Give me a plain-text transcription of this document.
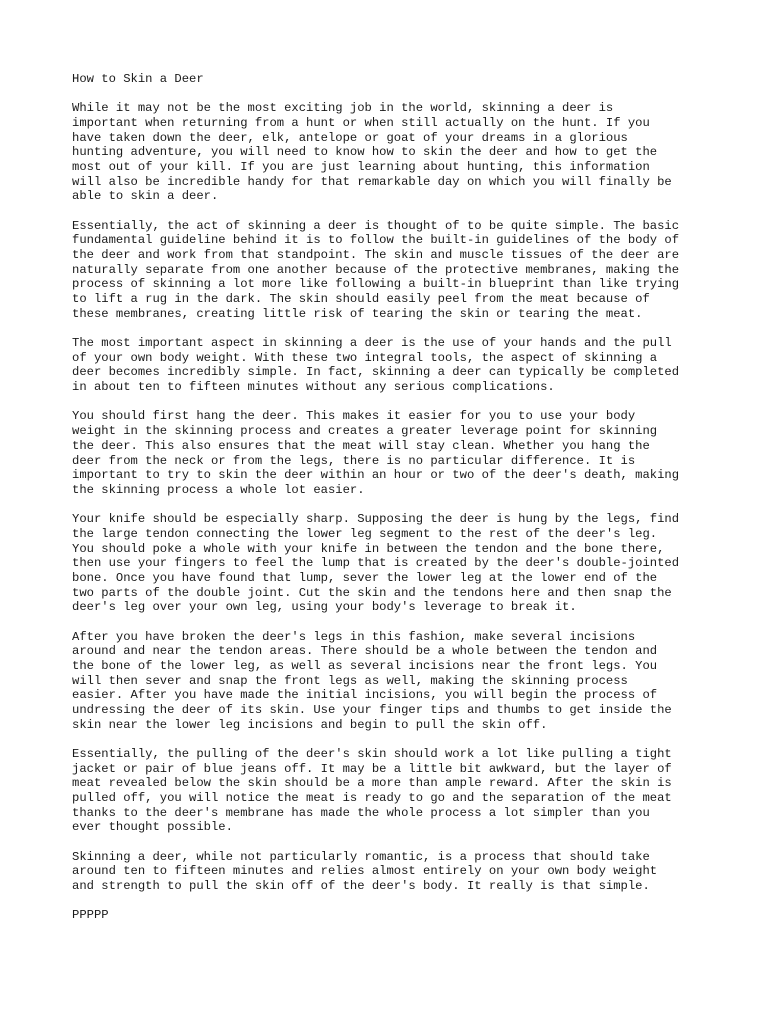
How to Skin a Deer
While it may not be the most exciting job in the world, skinning a deer is
important when returning from a hunt or when still actually on the hunt. If you
have taken down the deer, elk, antelope or goat of your dreams in a glorious
hunting adventure, you will need to know how to skin the deer and how to get the
most out of your kill. If you are just learning about hunting, this information
will also be incredible handy for that remarkable day on which you will finally be
able to skin a deer.
Essentially, the act of skinning a deer is thought of to be quite simple. The basic
fundamental guideline behind it is to follow the built-in guidelines of the body of
the deer and work from that standpoint. The skin and muscle tissues of the deer are
naturally separate from one another because of the protective membranes, making the
process of skinning a lot more like following a built-in blueprint than like trying
to lift a rug in the dark. The skin should easily peel from the meat because of
these membranes, creating little risk of tearing the skin or tearing the meat.
The most important aspect in skinning a deer is the use of your hands and the pull
of your own body weight. With these two integral tools, the aspect of skinning a
deer becomes incredibly simple. In fact, skinning a deer can typically be completed
in about ten to fifteen minutes without any serious complications.
You should first hang the deer. This makes it easier for you to use your body
weight in the skinning process and creates a greater leverage point for skinning
the deer. This also ensures that the meat will stay clean. Whether you hang the
deer from the neck or from the legs, there is no particular difference. It is
important to try to skin the deer within an hour or two of the deer's death, making
the skinning process a whole lot easier.
Your knife should be especially sharp. Supposing the deer is hung by the legs, find
the large tendon connecting the lower leg segment to the rest of the deer's leg.
You should poke a whole with your knife in between the tendon and the bone there,
then use your fingers to feel the lump that is created by the deer's double-jointed
bone. Once you have found that lump, sever the lower leg at the lower end of the
two parts of the double joint. Cut the skin and the tendons here and then snap the
deer's leg over your own leg, using your body's leverage to break it.
After you have broken the deer's legs in this fashion, make several incisions
around and near the tendon areas. There should be a whole between the tendon and
the bone of the lower leg, as well as several incisions near the front legs. You
will then sever and snap the front legs as well, making the skinning process
easier. After you have made the initial incisions, you will begin the process of
undressing the deer of its skin. Use your finger tips and thumbs to get inside the
skin near the lower leg incisions and begin to pull the skin off.
Essentially, the pulling of the deer's skin should work a lot like pulling a tight
jacket or pair of blue jeans off. It may be a little bit awkward, but the layer of
meat revealed below the skin should be a more than ample reward. After the skin is
pulled off, you will notice the meat is ready to go and the separation of the meat
thanks to the deer's membrane has made the whole process a lot simpler than you
ever thought possible.
Skinning a deer, while not particularly romantic, is a process that should take
around ten to fifteen minutes and relies almost entirely on your own body weight
and strength to pull the skin off of the deer's body. It really is that simple.
PPPPP
